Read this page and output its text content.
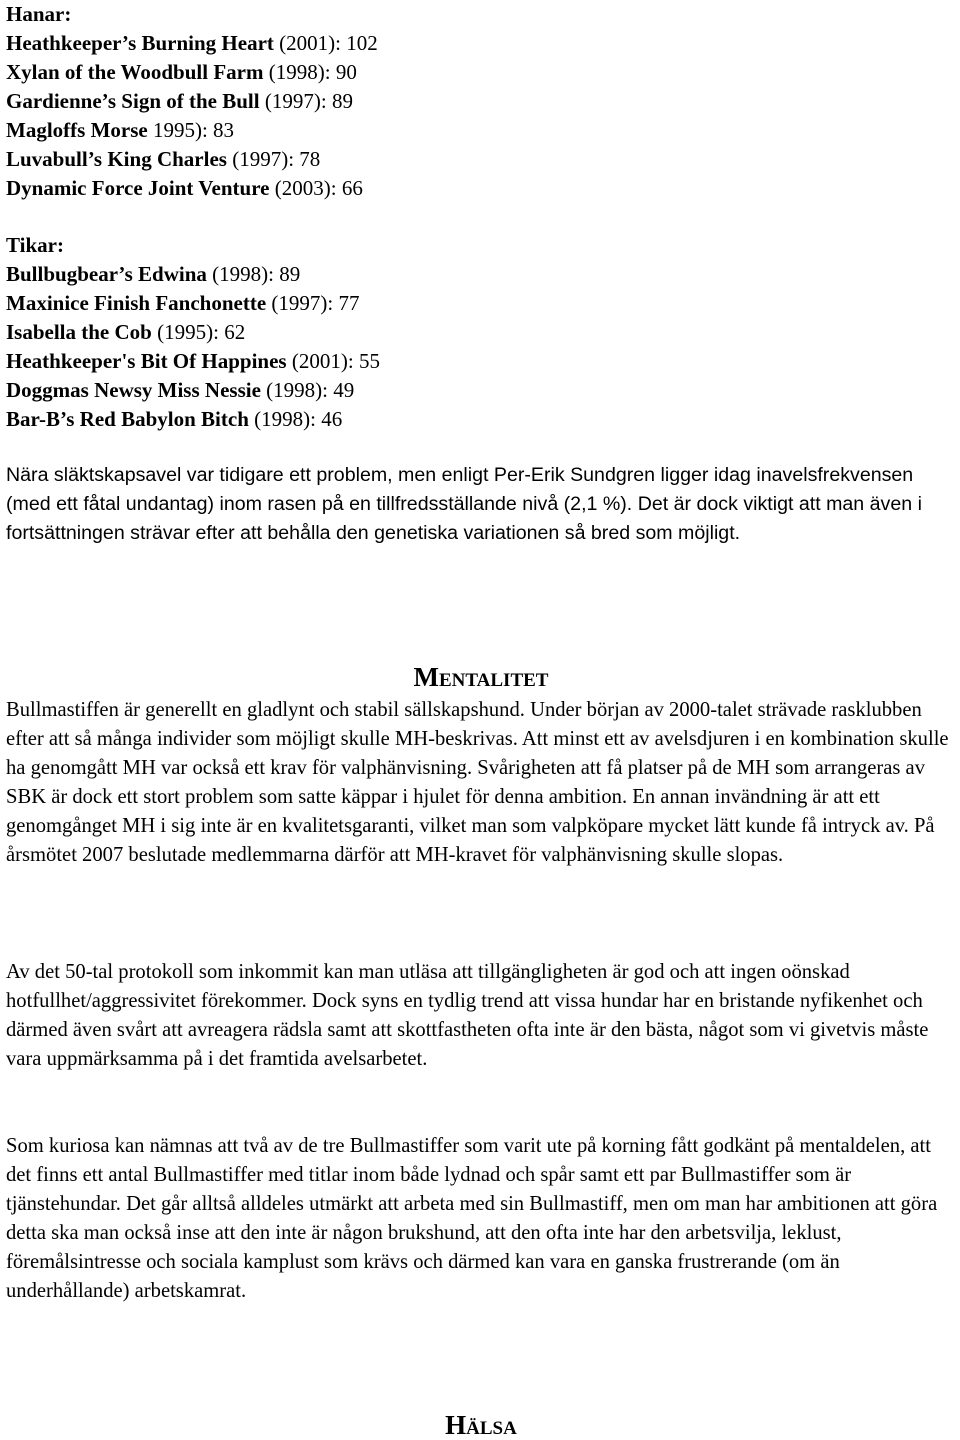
Hanar:

Heathkeeper’s Burning Heart (2001): 102
Xylan of the Woodbull Farm (1998): 90
Gardienne’s Sign of the Bull (1997): 89
Magloffs Morse 1995): 83
Luvabull’s King Charles (1997): 78
Dynamic Force Joint Venture (2003): 66

Tikar:

Bullbugbear’s Edwina (1998): 89
Maxinice Finish Fanchonette (1997): 77
Isabella the Cob (1995): 62
Heathkeeper's Bit Of Happines (2001): 55
Doggmas Newsy Miss Nessie (1998): 49
Bar-B’s Red Babylon Bitch (1998): 46

Nära släktskapsavel var tidigare ett problem, men enligt Per-Erik Sundgren ligger idag inavelsfrekvensen (med ett fåtal undantag) inom rasen på en tillfredsställande nivå (2,1 %). Det är dock viktigt att man även i fortsättningen strävar efter att behålla den genetiska variationen så bred som möjligt.

Mentalitet

Bullmastiffen är generellt en gladlynt och stabil sällskapshund. Under början av 2000-talet strävade rasklubben efter att så många individer som möjligt skulle MH-beskrivas. Att minst ett av avelsdjuren i en kombination skulle ha genomgått MH var också ett krav för valphänvisning. Svårigheten att få platser på de MH som arrangeras av SBK är dock ett stort problem som satte käppar i hjulet för denna ambition. En annan invändning är att ett genomgånget MH i sig inte är en kvalitetsgaranti, vilket man som valpköpare mycket lätt kunde få intryck av. På årsmötet 2007 beslutade medlemmarna därför att MH-kravet för valphänvisning skulle slopas.

Av det 50-tal protokoll som inkommit kan man utläsa att tillgängligheten är god och att ingen oönskad hotfullhet/aggressivitet förekommer. Dock syns en tydlig trend att vissa hundar har en bristande nyfikenhet och därmed även svårt att avreagera rädsla samt att skottfastheten ofta inte är den bästa, något som vi givetvis måste vara uppmärksamma på i det framtida avelsarbetet.

Som kuriosa kan nämnas att två av de tre Bullmastiffer som varit ute på korning fått godkänt på mentaldelen, att det finns ett antal Bullmastiffer med titlar inom både lydnad och spår samt ett par Bullmastiffer som är tjänstehundar. Det går alltså alldeles utmärkt att arbeta med sin Bullmastiff, men om man har ambitionen att göra detta ska man också inse att den inte är någon brukshund, att den ofta inte har den arbetsvilja, leklust, föremålsintresse och sociala kamplust som krävs och därmed kan vara en ganska frustrerande (om än underhållande) arbetskamrat.

Hälsa
